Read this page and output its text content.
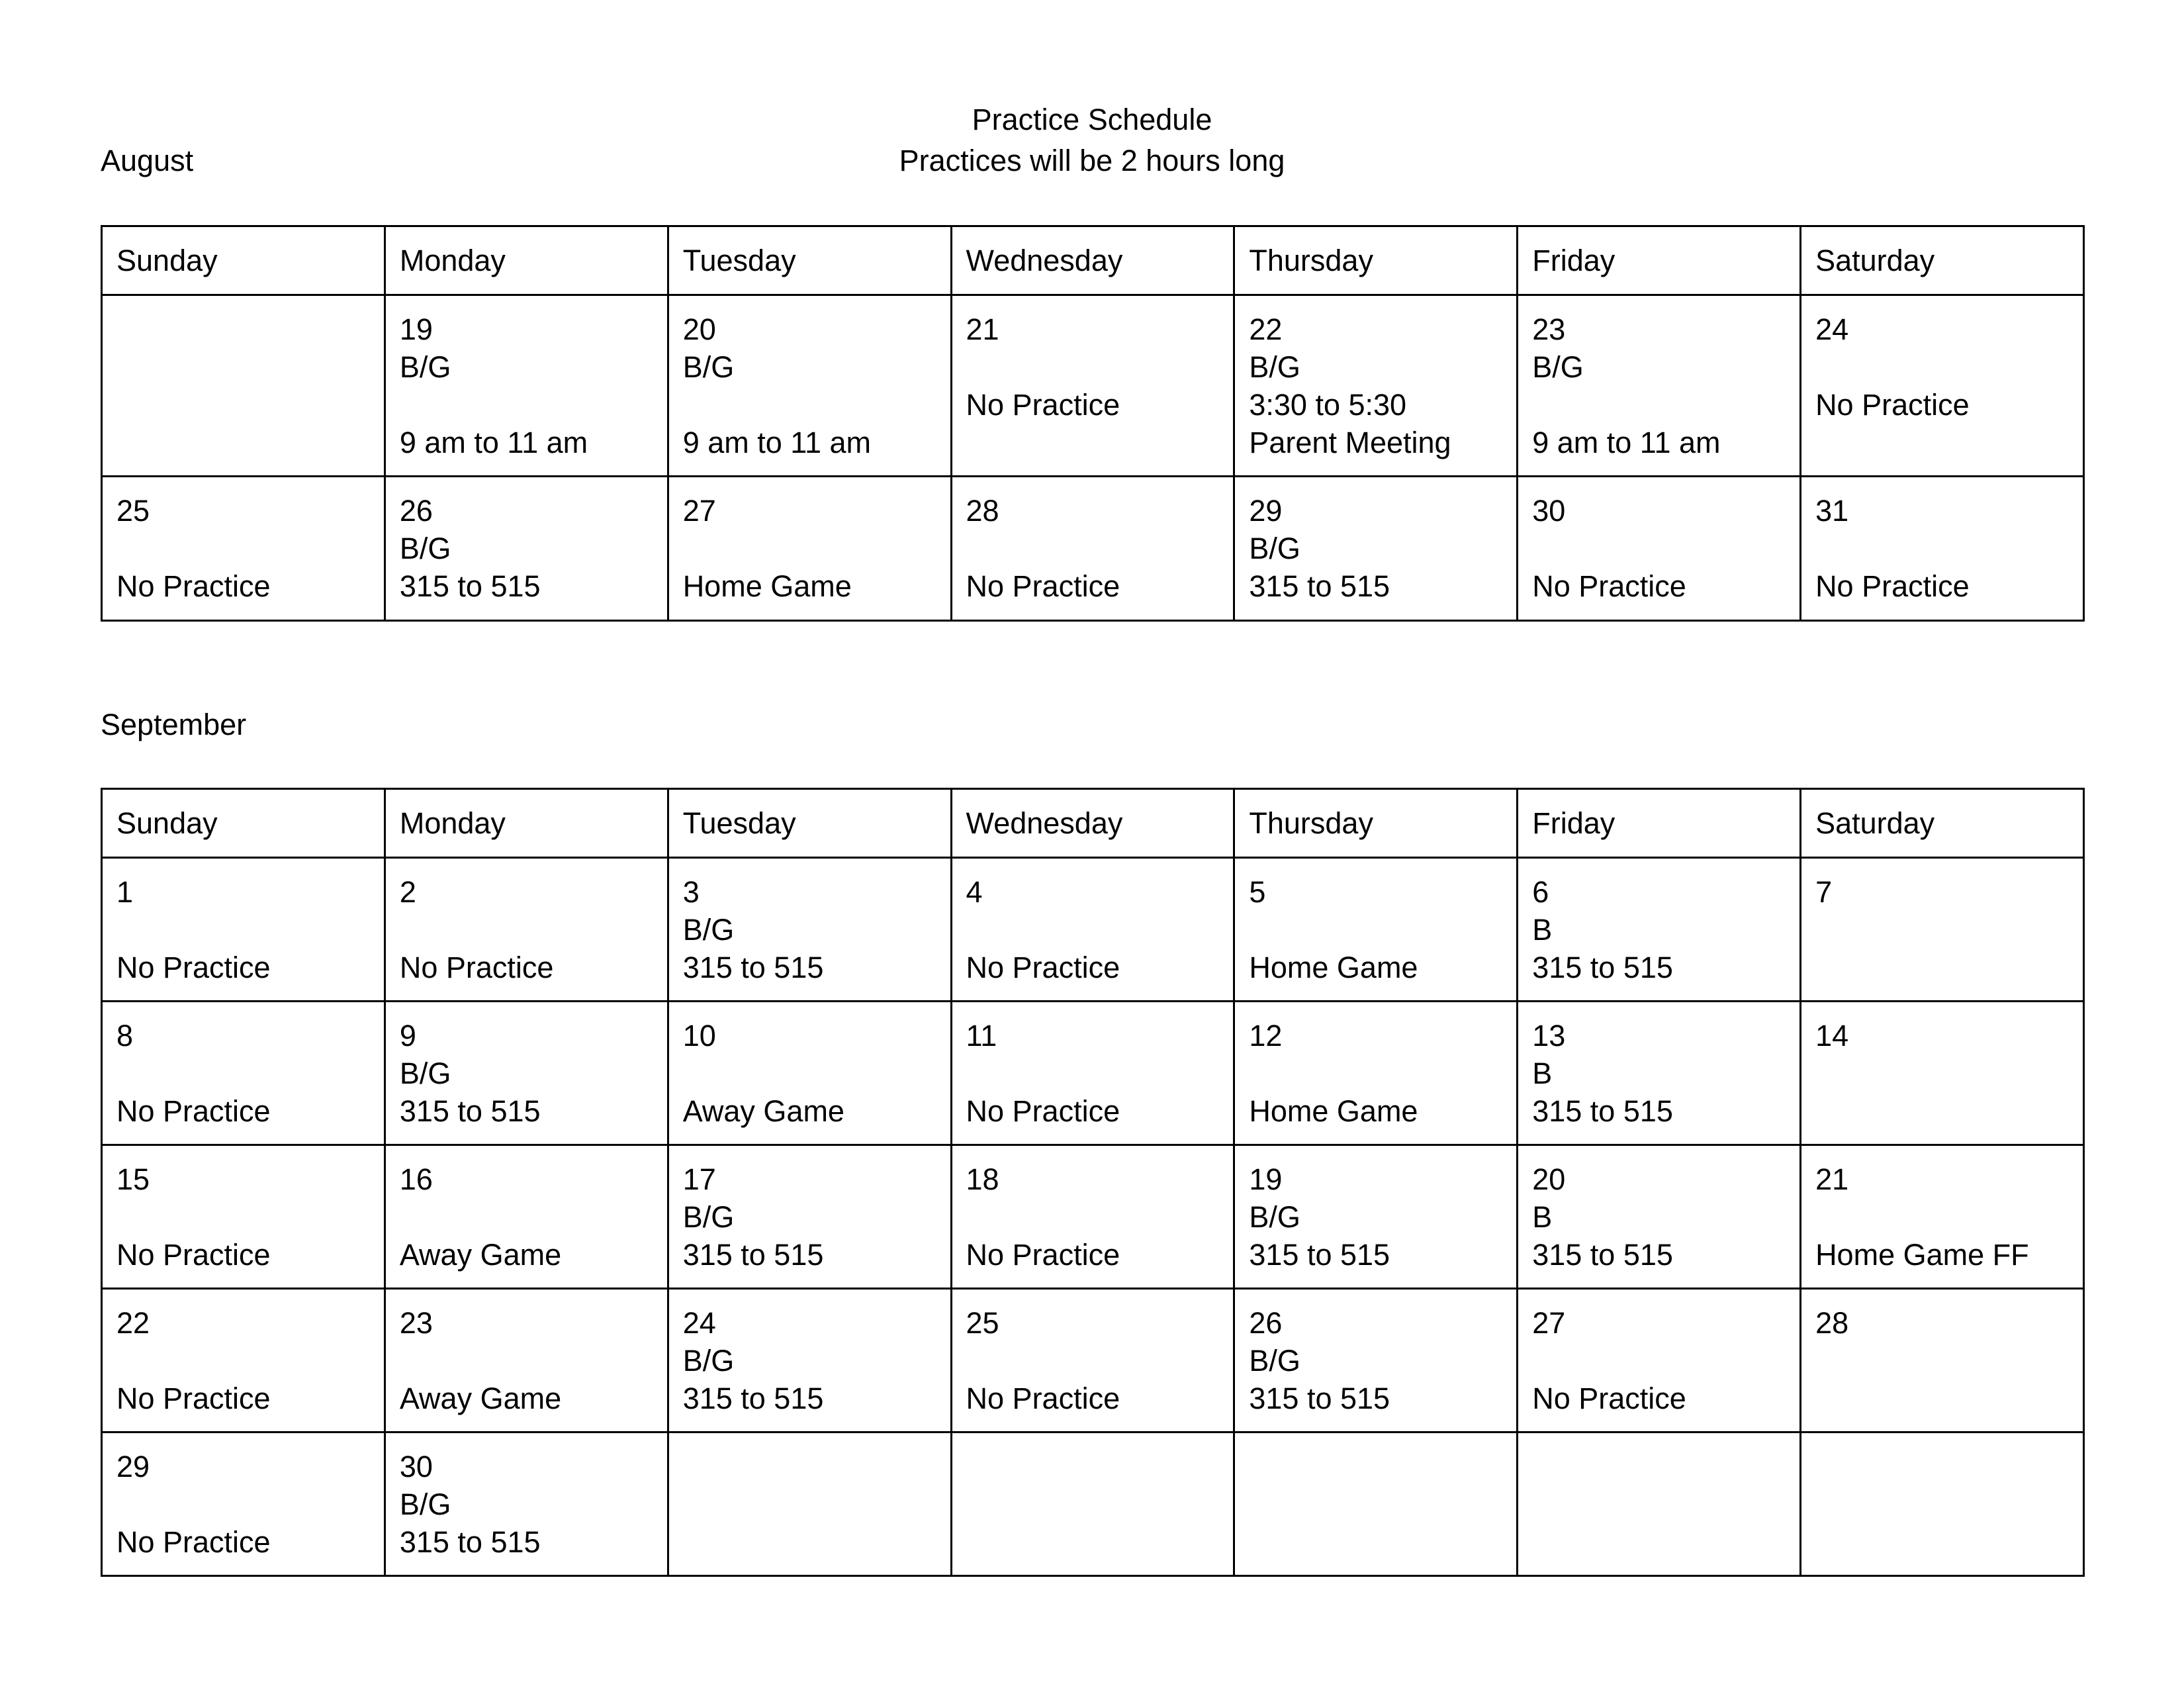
Practice Schedule
Practices will be 2 hours long
August
Sunday	Monday	Tuesday	Wednesday	Thursday	Friday	Saturday

	19
B/G
9 am to 11 am	20
B/G
9 am to 11 am	21
No Practice	22
B/G
3:30 to 5:30
Parent Meeting	23
B/G
9 am to 11 am	24
No Practice

25
No Practice	26
B/G
315 to 515	27
Home Game	28
No Practice	29
B/G
315 to 515	30
No Practice	31
No Practice
September
Sunday	Monday	Tuesday	Wednesday	Thursday	Friday	Saturday

1
No Practice	2
No Practice	3
B/G
315 to 515	4
No Practice	5
Home Game	6
B
315 to 515	7

8
No Practice	9
B/G
315 to 515	10
Away Game	11
No Practice	12
Home Game	13
B
315 to 515	14

15
No Practice	16
Away Game	17
B/G
315 to 515	18
No Practice	19
B/G
315 to 515	20
B
315 to 515	21
Home Game FF

22
No Practice	23
Away Game	24
B/G
315 to 515	25
No Practice	26
B/G
315 to 515	27
No Practice	28

29
No Practice	30
B/G
315 to 515					
